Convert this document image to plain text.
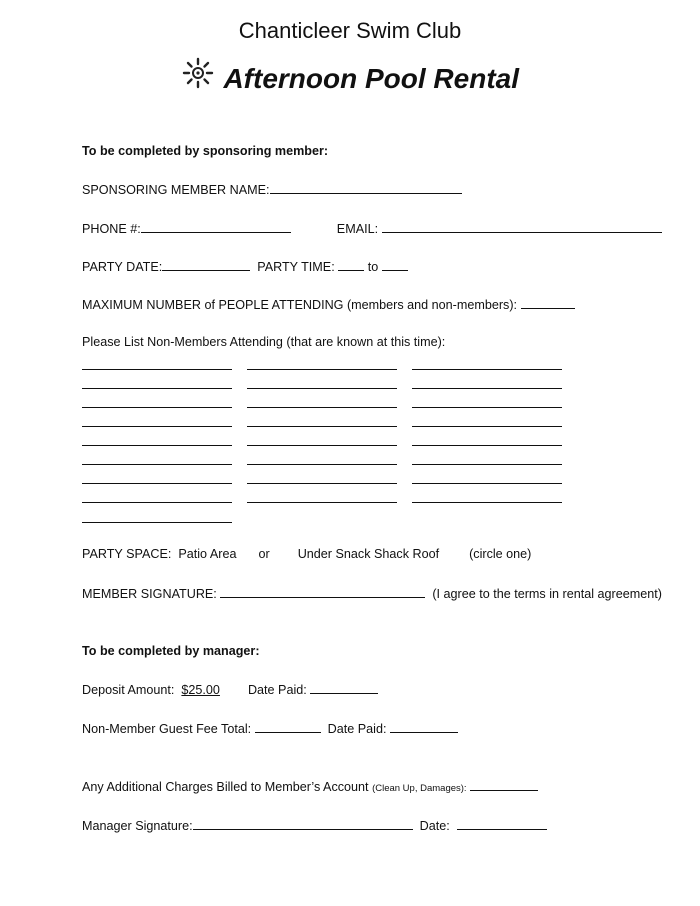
Chanticleer Swim Club
Afternoon Pool Rental
To be completed by sponsoring member:
SPONSORING MEMBER NAME:
PHONE #:	EMAIL:
PARTY DATE:	PARTY TIME:	to
MAXIMUM NUMBER of PEOPLE ATTENDING (members and non-members):
Please List Non-Members Attending (that are known at this time):
PARTY SPACE: Patio Area or Under Snack Shack Roof (circle one)
MEMBER SIGNATURE:	(I agree to the terms in rental agreement)
To be completed by manager:
Deposit Amount: $25.00 Date Paid:
Non-Member Guest Fee Total:	Date Paid:
Any Additional Charges Billed to Member’s Account (Clean Up, Damages):
Manager Signature:	Date:
